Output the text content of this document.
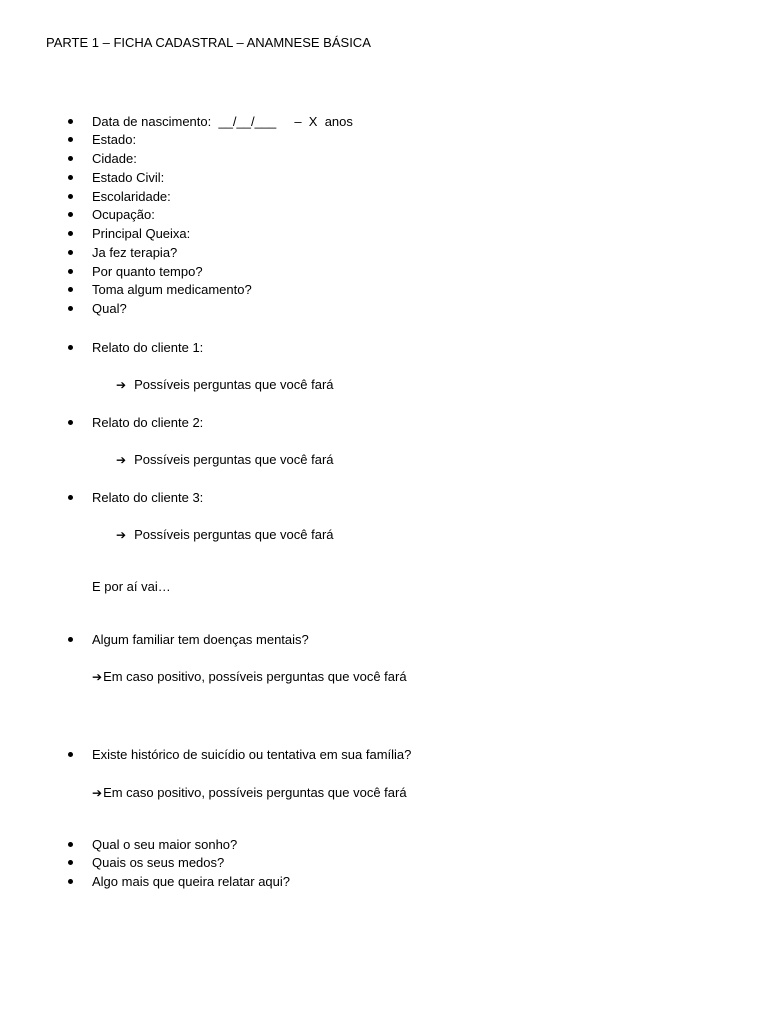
PARTE 1 – FICHA CADASTRAL – ANAMNESE BÁSICA
Data de nascimento:  __/__/___     –  X  anos
Estado:
Cidade:
Estado Civil:
Escolaridade:
Ocupação:
Principal Queixa:
Ja fez terapia?
Por quanto tempo?
Toma algum medicamento?
Qual?
Relato do cliente 1:
➔ Possíveis perguntas que você fará
Relato do cliente 2:
➔ Possíveis perguntas que você fará
Relato do cliente 3:
➔ Possíveis perguntas que você fará
E por aí vai…
Algum familiar tem doenças mentais?
➔Em caso positivo, possíveis perguntas que você fará
Existe histórico de suicídio ou tentativa em sua família?
➔Em caso positivo, possíveis perguntas que você fará
Qual o seu maior sonho?
Quais os seus medos?
Algo mais que queira relatar aqui?
